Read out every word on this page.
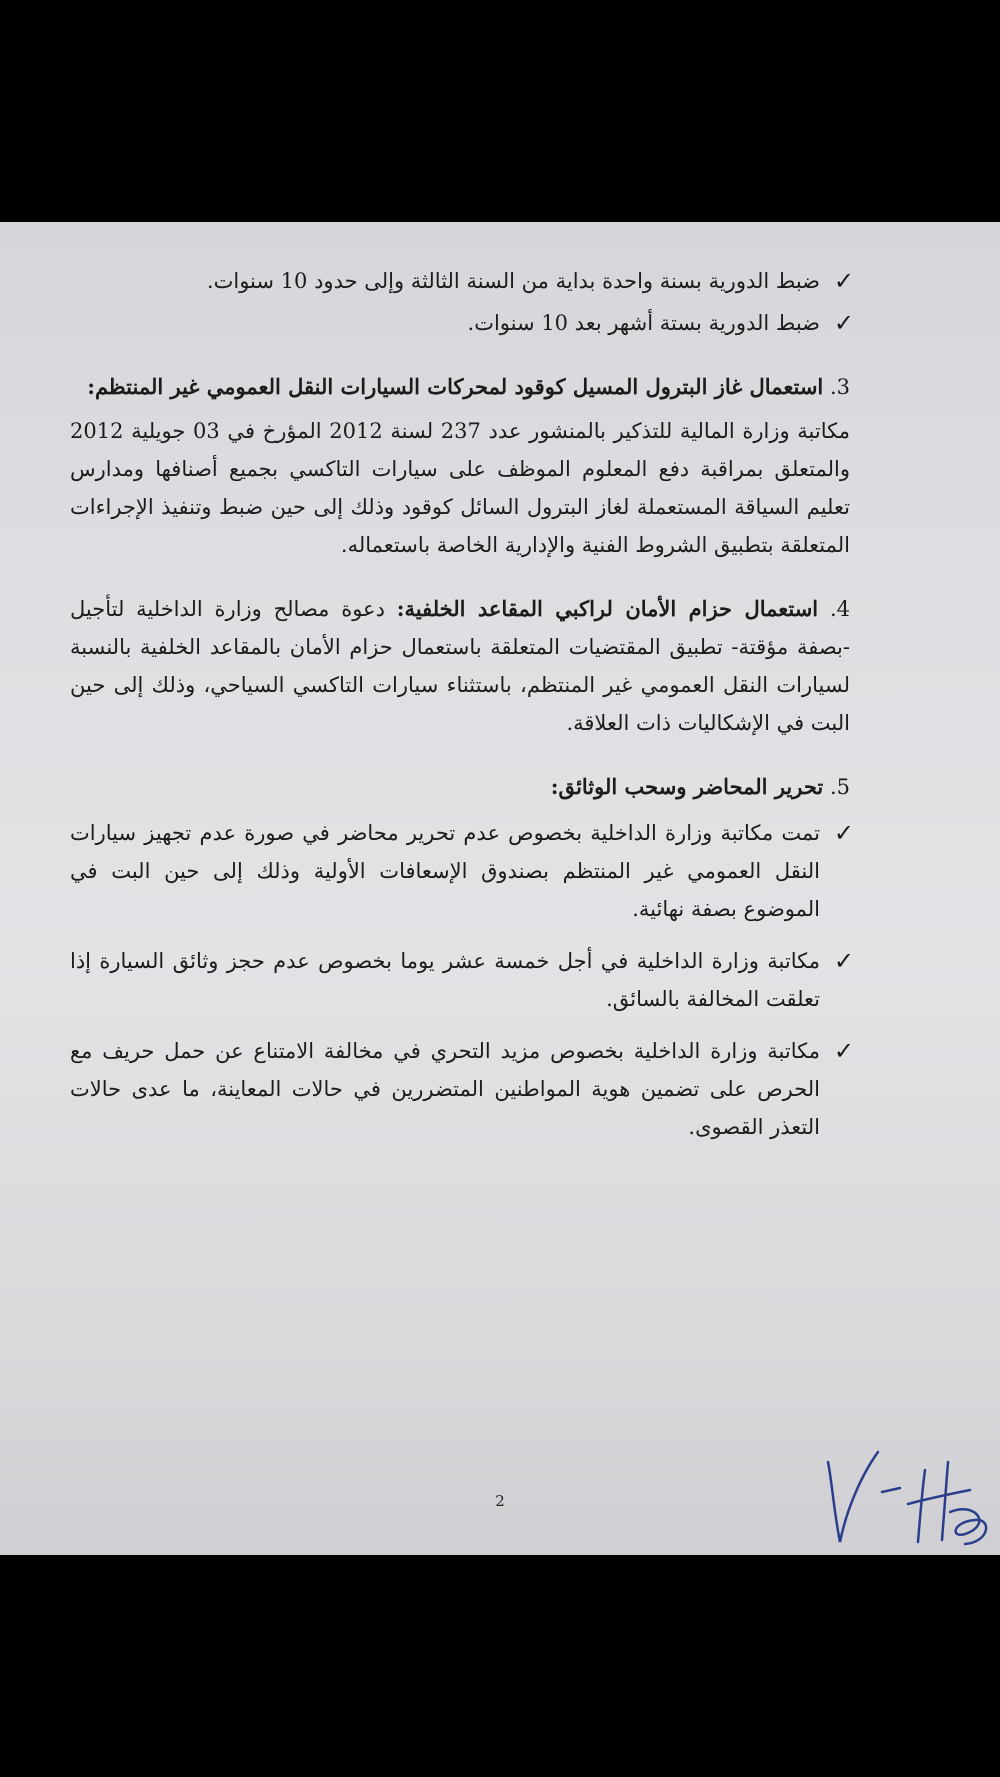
✓
ضبط الدورية بسنة واحدة بداية من السنة الثالثة وإلى حدود 10 سنوات.
✓
ضبط الدورية بستة أشهر بعد 10 سنوات.

3. استعمال غاز البترول المسيل كوقود لمحركات السيارات النقل العمومي غير المنتظم:

مكاتبة وزارة المالية للتذكير بالمنشور عدد 237 لسنة 2012 المؤرخ في 03 جويلية 2012 والمتعلق بمراقبة دفع المعلوم الموظف على سيارات التاكسي بجميع أصنافها ومدارس تعليم السياقة المستعملة لغاز البترول السائل كوقود وذلك إلى حين ضبط وتنفيذ الإجراءات المتعلقة بتطبيق الشروط الفنية والإدارية الخاصة باستعماله.

4. استعمال حزام الأمان لراكبي المقاعد الخلفية: دعوة مصالح وزارة الداخلية لتأجيل -بصفة مؤقتة- تطبيق المقتضيات المتعلقة باستعمال حزام الأمان بالمقاعد الخلفية بالنسبة لسيارات النقل العمومي غير المنتظم، باستثناء سيارات التاكسي السياحي، وذلك إلى حين البت في الإشكاليات ذات العلاقة.

5. تحرير المحاضر وسحب الوثائق:

✓
تمت مكاتبة وزارة الداخلية بخصوص عدم تحرير محاضر في صورة عدم تجهيز سيارات النقل العمومي غير المنتظم بصندوق الإسعافات الأولية وذلك إلى حين البت في الموضوع بصفة نهائية.
✓
مكاتبة وزارة الداخلية في أجل خمسة عشر يوما بخصوص عدم حجز وثائق السيارة إذا تعلقت المخالفة بالسائق.
✓
مكاتبة وزارة الداخلية بخصوص مزيد التحري في مخالفة الامتناع عن حمل حريف مع الحرص على تضمين هوية المواطنين المتضررين في حالات المعاينة، ما عدى حالات التعذر القصوى.
2
